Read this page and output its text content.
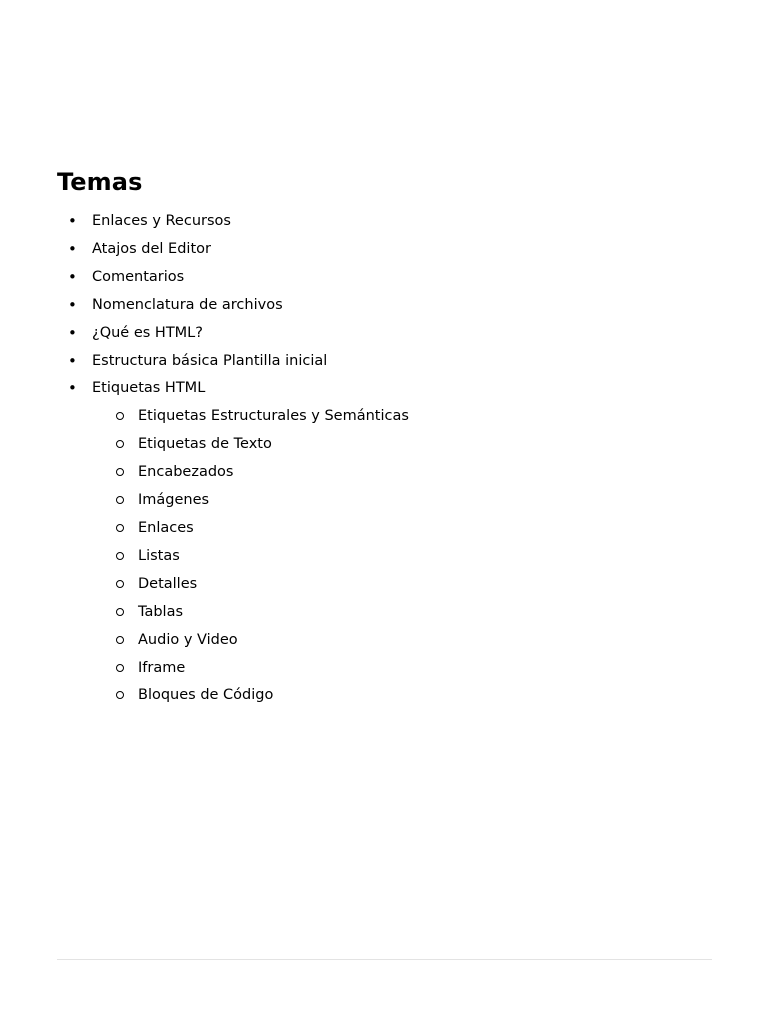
Temas
• Enlaces y Recursos
• Atajos del Editor
• Comentarios
• Nomenclatura de archivos
• ¿Qué es HTML?
• Estructura básica Plantilla inicial
• Etiquetas HTML
Etiquetas Estructurales y Semánticas
Etiquetas de Texto
Encabezados
Imágenes
Enlaces
Listas
Detalles
Tablas
Audio y Video
Iframe
Bloques de Código
